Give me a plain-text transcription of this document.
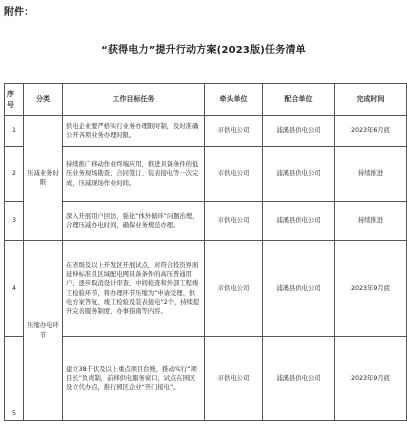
附件：
“获得电力”提升行动方案(2023版)任务清单
序号	分类	工作目标任务	牵头单位	配合单位	完成时间
1	压减业务时限	供电企业要严格实行业务办理限时制，及时准确公开各项业务办理时限。	市供电公司	浦溪县供电公司	2023年6月底
2		持续推广移动作业终端应用，推进具备条件的低压业务现场勘查、合同签订、装表接电等一次完成，压减现场作业时间。	市供电公司	浦溪县供电公司	持续推进
3		深入开展用户回访，强化“体外循环”问题治理，合理压减办电时间，确保业务规范办理。	市供电公司	浦溪县供电公司	持续推进
4	压缩办电环节	在省级及以上开发区开展试点，对符合投资界面延伸标准且区域配电网具备条件的高压普通用户，逐步取消设计审查、中间检查和外部工程竣工检验环节，将办理环节压缩为“申请受理、供电方案答复、竣工检验及装表接电”2个，持续提升完善服务制度、办事指南等内容。	市供电公司	浦溪县供电公司	2023年9月底
5		建立38千伏及以上重点项目台账，推动实行“项目长”负责制，前移供电服务窗口，试点在园区设立代办点，推行园区企业“开门接电”。	市供电公司	浦溪县供电公司	2023年9月底
